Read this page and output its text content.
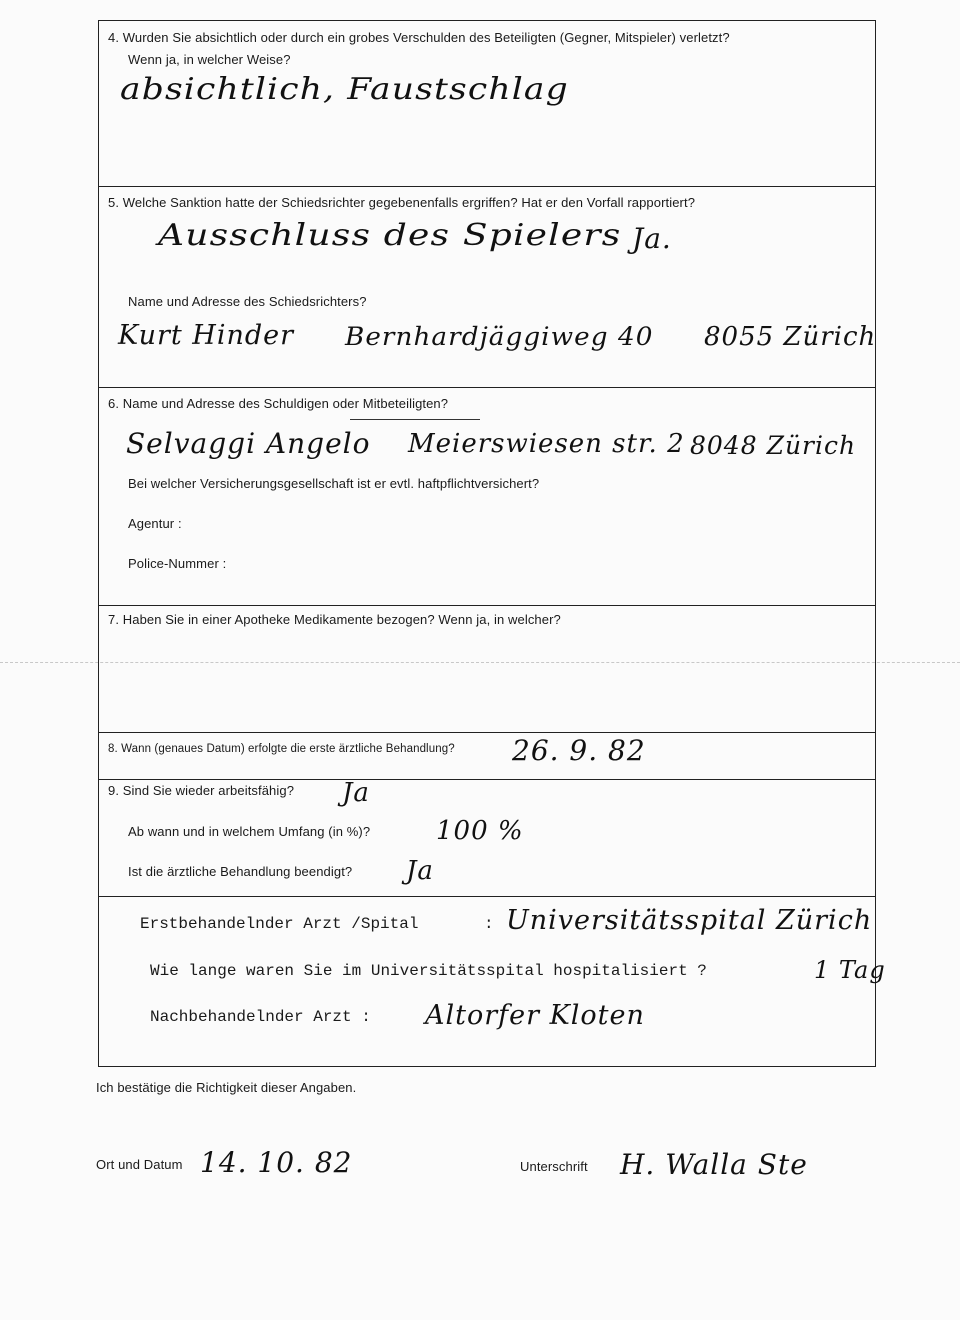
4. Wurden Sie absichtlich oder durch ein grobes Verschulden des Beteiligten (Gegner, Mitspieler) verletzt?
Wenn ja, in welcher Weise?
absichtlich, Faustschlag
5. Welche Sanktion hatte der Schiedsrichter gegebenenfalls ergriffen? Hat er den Vorfall rapportiert?
Ausschluss des Spielers Ja.
Name und Adresse des Schiedsrichters?
Kurt Hinder Bernhardjäggiweg 40 8055 Zürich
6. Name und Adresse des Schuldigen oder Mitbeteiligten?
Selvaggi Angelo Meierswiesen str. 2 8048 Zürich
Bei welcher Versicherungsgesellschaft ist er evtl. haftpflichtversichert?
Agentur :
Police-Nummer :
7. Haben Sie in einer Apotheke Medikamente bezogen? Wenn ja, in welcher?
8. Wann (genaues Datum) erfolgte die erste ärztliche Behandlung? 26. 9. 82
9. Sind Sie wieder arbeitsfähig? Ja
Ab wann und in welchem Umfang (in %)?	100 %
Ist die ärztliche Behandlung beendigt? Ja
Erstbehandelnder Arzt /Spital	: Universitätsspital Zürich
Wie lange waren Sie im Universitätsspital hospitalisiert ?	1 Tag
Nachbehandelnder Arzt : Altorfer Kloten
Ich bestätige die Richtigkeit dieser Angaben.
Ort und Datum 14. 10. 82	Unterschrift H. Walla Ste
